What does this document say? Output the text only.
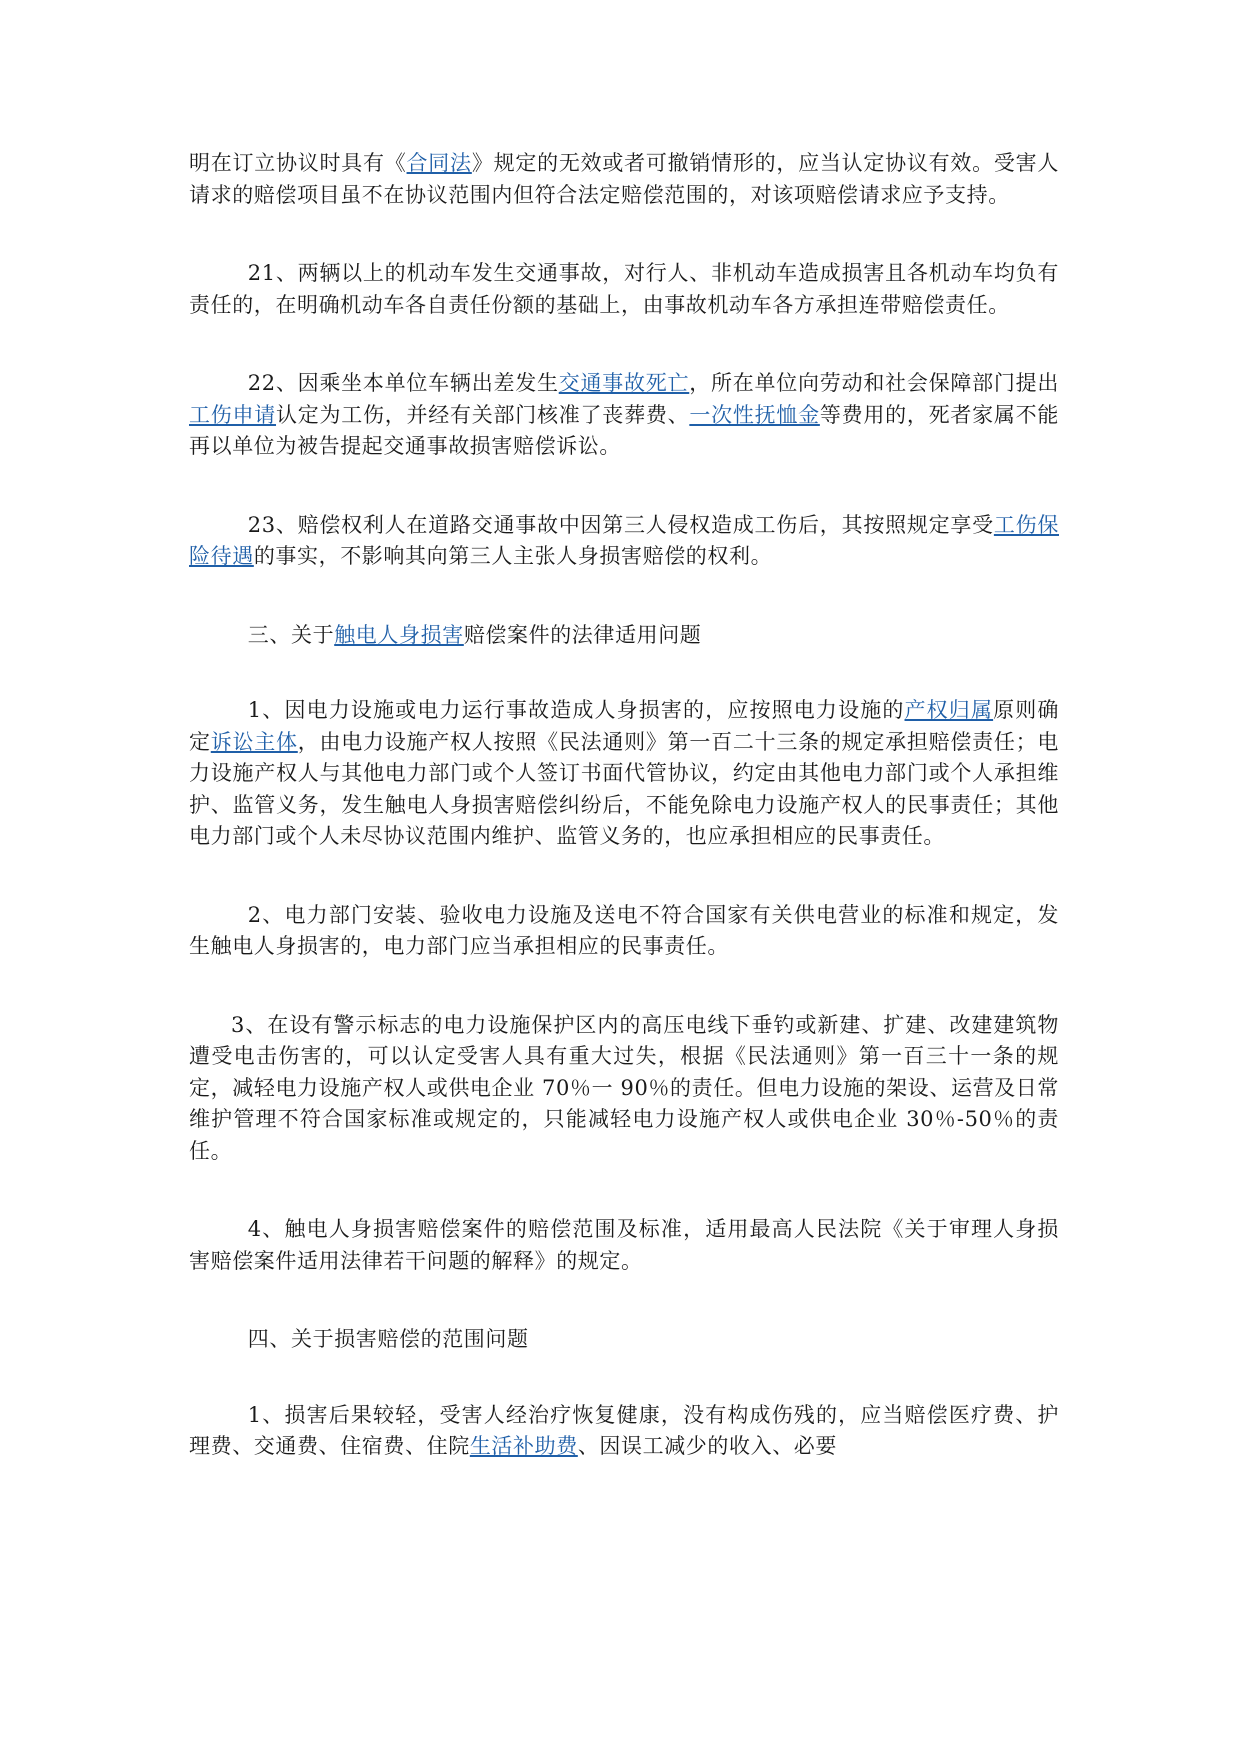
明在订立协议时具有《合同法》规定的无效或者可撤销情形的，应当认定协议有效。受害人请求的赔偿项目虽不在协议范围内但符合法定赔偿范围的，对该项赔偿请求应予支持。

21、两辆以上的机动车发生交通事故，对行人、非机动车造成损害且各机动车均负有责任的，在明确机动车各自责任份额的基础上，由事故机动车各方承担连带赔偿责任。

22、因乘坐本单位车辆出差发生交通事故死亡，所在单位向劳动和社会保障部门提出工伤申请认定为工伤，并经有关部门核准了丧葬费、一次性抚恤金等费用的，死者家属不能再以单位为被告提起交通事故损害赔偿诉讼。

23、赔偿权利人在道路交通事故中因第三人侵权造成工伤后，其按照规定享受工伤保险待遇的事实，不影响其向第三人主张人身损害赔偿的权利。

三、关于触电人身损害赔偿案件的法律适用问题

1、因电力设施或电力运行事故造成人身损害的，应按照电力设施的产权归属原则确定诉讼主体，由电力设施产权人按照《民法通则》第一百二十三条的规定承担赔偿责任；电力设施产权人与其他电力部门或个人签订书面代管协议，约定由其他电力部门或个人承担维护、监管义务，发生触电人身损害赔偿纠纷后，不能免除电力设施产权人的民事责任；其他电力部门或个人未尽协议范围内维护、监管义务的，也应承担相应的民事责任。

2、电力部门安装、验收电力设施及送电不符合国家有关供电营业的标准和规定，发生触电人身损害的，电力部门应当承担相应的民事责任。

3、在设有警示标志的电力设施保护区内的高压电线下垂钓或新建、扩建、改建建筑物遭受电击伤害的，可以认定受害人具有重大过失，根据《民法通则》第一百三十一条的规定，减轻电力设施产权人或供电企业 70％一 90％的责任。但电力设施的架设、运营及日常维护管理不符合国家标准或规定的，只能减轻电力设施产权人或供电企业 30％-50％的责任。

4、触电人身损害赔偿案件的赔偿范围及标准，适用最高人民法院《关于审理人身损害赔偿案件适用法律若干问题的解释》的规定。

四、关于损害赔偿的范围问题

1、损害后果较轻，受害人经治疗恢复健康，没有构成伤残的，应当赔偿医疗费、护理费、交通费、住宿费、住院生活补助费、因误工减少的收入、必要
